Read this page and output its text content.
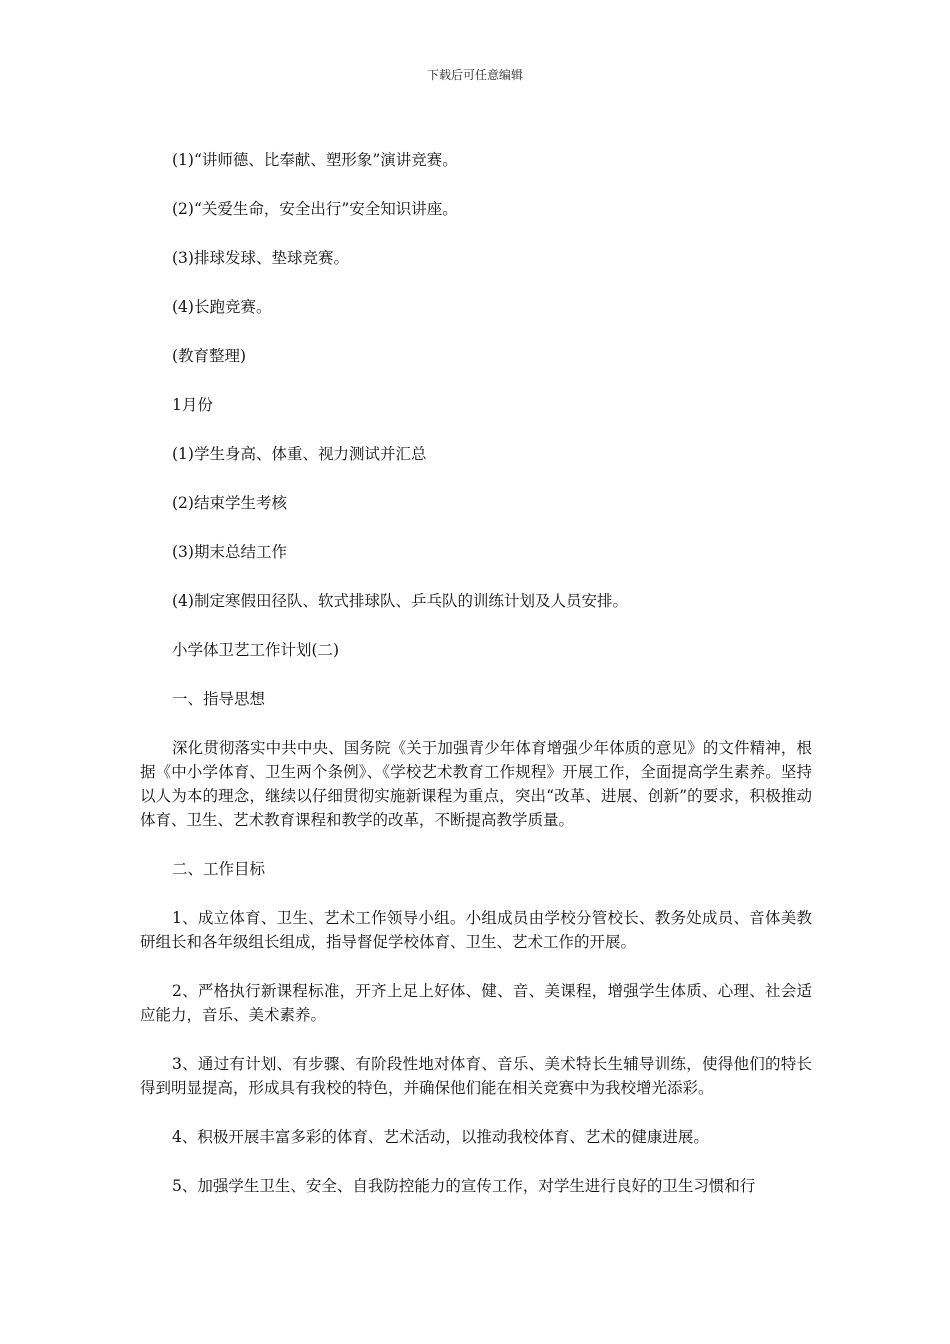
下载后可任意编辑
(1)“讲师德、比奉献、塑形象”演讲竞赛。
(2)“关爱生命，安全出行”安全知识讲座。
(3)排球发球、垫球竞赛。
(4)长跑竞赛。
(教育整理)
1月份
(1)学生身高、体重、视力测试并汇总
(2)结束学生考核
(3)期末总结工作
(4)制定寒假田径队、软式排球队、乒乓队的训练计划及人员安排。
小学体卫艺工作计划(二)
一、指导思想
深化贯彻落实中共中央、国务院《关于加强青少年体育增强少年体质的意见》的文件精神，根据《中小学体育、卫生两个条例》、《学校艺术教育工作规程》开展工作，全面提高学生素养。坚持以人为本的理念，继续以仔细贯彻实施新课程为重点，突出“改革、进展、创新”的要求，积极推动体育、卫生、艺术教育课程和教学的改革，不断提高教学质量。
二、工作目标
1、成立体育、卫生、艺术工作领导小组。小组成员由学校分管校长、教务处成员、音体美教研组长和各年级组长组成，指导督促学校体育、卫生、艺术工作的开展。
2、严格执行新课程标准，开齐上足上好体、健、音、美课程，增强学生体质、心理、社会适应能力，音乐、美术素养。
3、通过有计划、有步骤、有阶段性地对体育、音乐、美术特长生辅导训练，使得他们的特长得到明显提高，形成具有我校的特色，并确保他们能在相关竞赛中为我校增光添彩。
4、积极开展丰富多彩的体育、艺术活动，以推动我校体育、艺术的健康进展。
5、加强学生卫生、安全、自我防控能力的宣传工作，对学生进行良好的卫生习惯和行
